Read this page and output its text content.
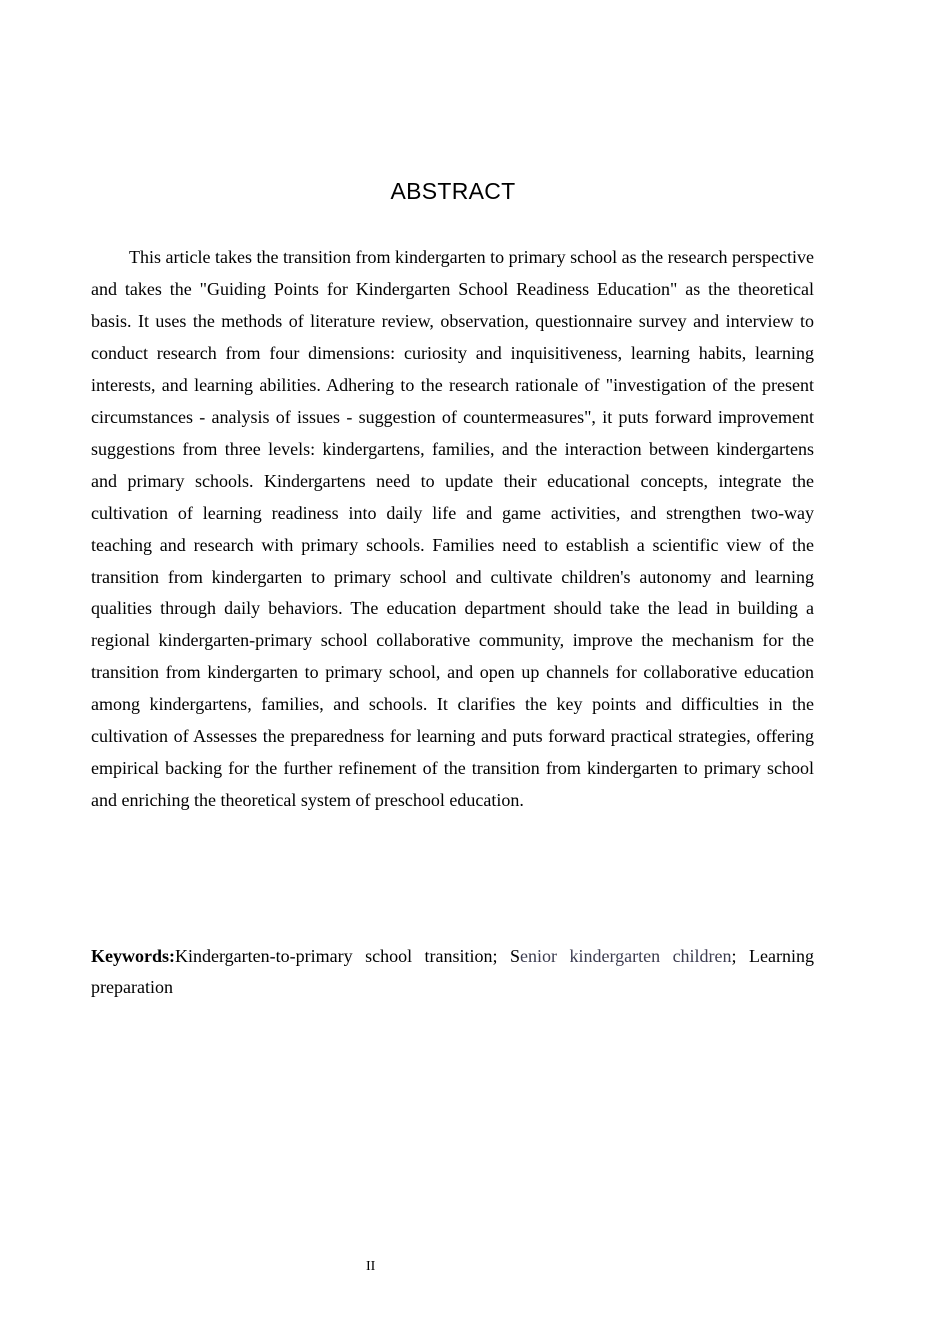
ABSTRACT

This article takes the transition from kindergarten to primary school as the research perspective and takes the "Guiding Points for Kindergarten School Readiness Education" as the theoretical basis. It uses the methods of literature review, observation, questionnaire survey and interview to conduct research from four dimensions: curiosity and inquisitiveness, learning habits, learning interests, and learning abilities. Adhering to the research rationale of "investigation of the present circumstances - analysis of issues - suggestion of countermeasures", it puts forward improvement suggestions from three levels: kindergartens, families, and the interaction between kindergartens and primary schools. Kindergartens need to update their educational concepts, integrate the cultivation of learning readiness into daily life and game activities, and strengthen two-way teaching and research with primary schools. Families need to establish a scientific view of the transition from kindergarten to primary school and cultivate children's autonomy and learning qualities through daily behaviors. The education department should take the lead in building a regional kindergarten-primary school collaborative community, improve the mechanism for the transition from kindergarten to primary school, and open up channels for collaborative education among kindergartens, families, and schools. It clarifies the key points and difficulties in the cultivation of Assesses the preparedness for learning and puts forward practical strategies, offering empirical backing for the further refinement of the transition from kindergarten to primary school and enriching the theoretical system of preschool education.

Keywords:Kindergarten-to-primary school transition; Senior kindergarten children; Learning preparation

II
